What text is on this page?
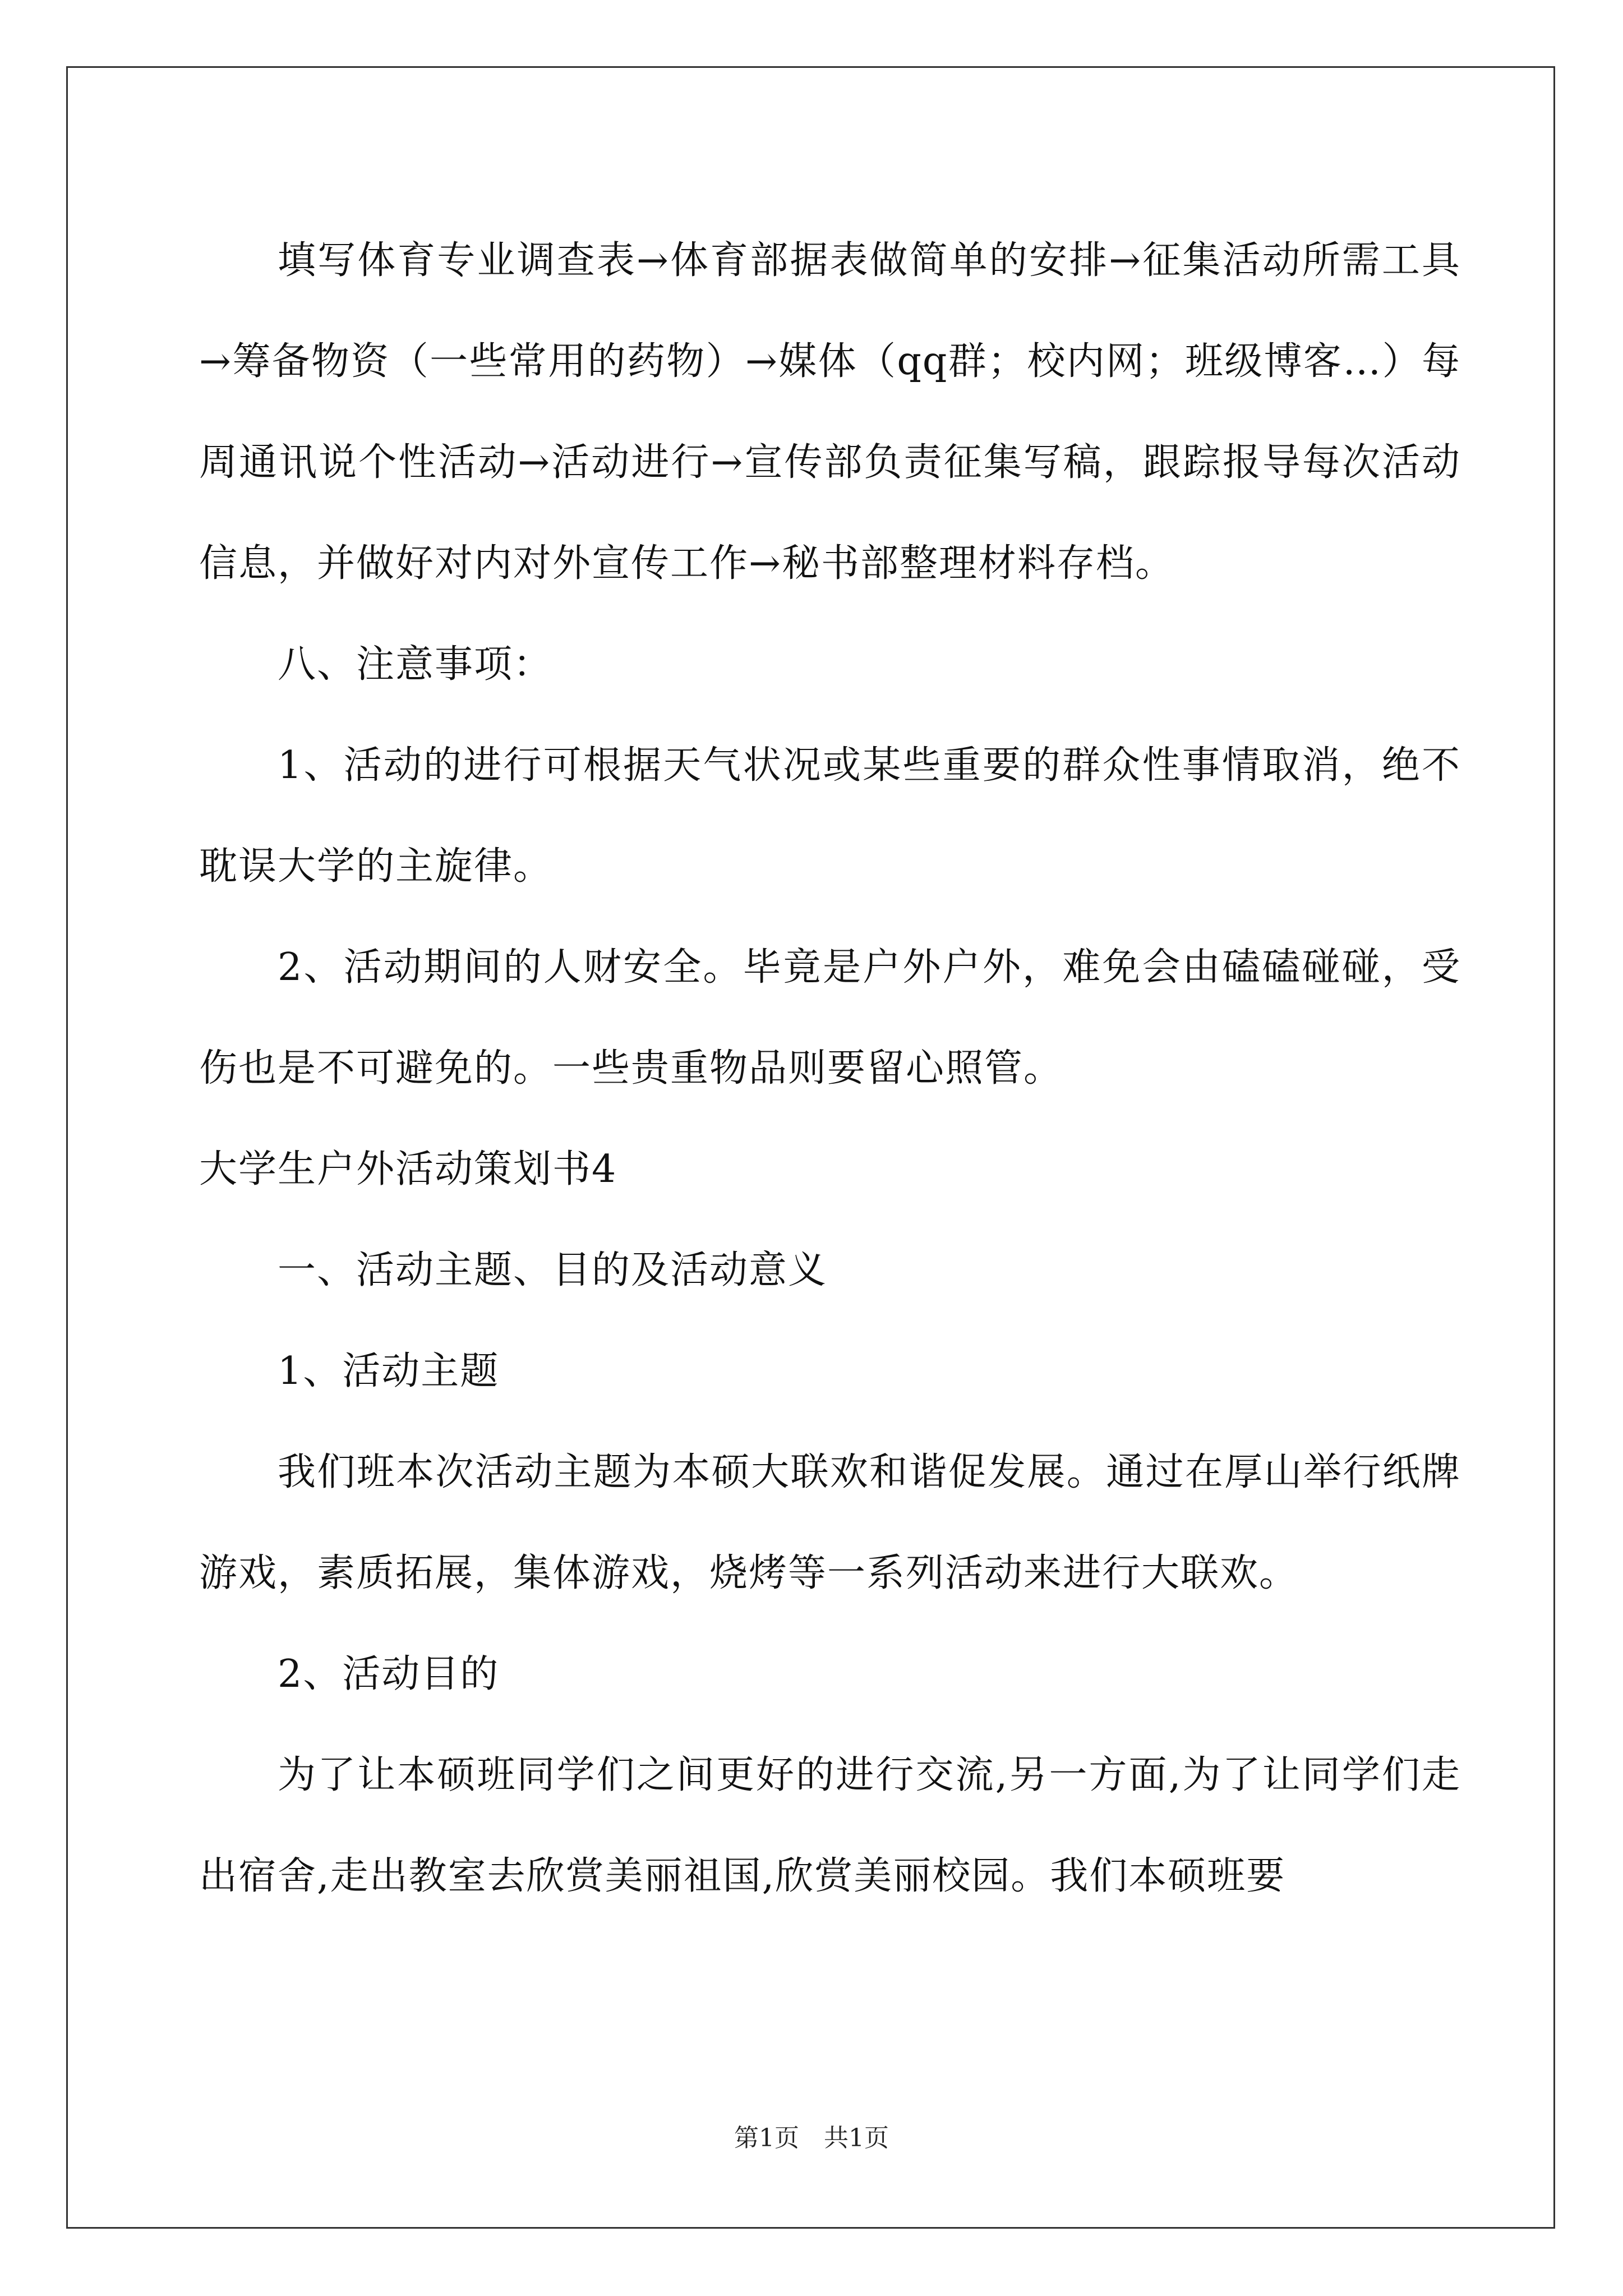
填写体育专业调查表→体育部据表做简单的安排→征集活动所需工具→筹备物资（一些常用的药物）→媒体（qq群；校内网；班级博客…）每周通讯说个性活动→活动进行→宣传部负责征集写稿，跟踪报导每次活动信息，并做好对内对外宣传工作→秘书部整理材料存档。

八、注意事项：

1、活动的进行可根据天气状况或某些重要的群众性事情取消，绝不耽误大学的主旋律。

2、活动期间的人财安全。毕竟是户外户外，难免会由磕磕碰碰，受伤也是不可避免的。一些贵重物品则要留心照管。

大学生户外活动策划书4

一、活动主题、目的及活动意义

1、活动主题

我们班本次活动主题为本硕大联欢和谐促发展。通过在厚山举行纸牌游戏，素质拓展，集体游戏，烧烤等一系列活动来进行大联欢。

2、活动目的

为了让本硕班同学们之间更好的进行交流,另一方面,为了让同学们走出宿舍,走出教室去欣赏美丽祖国,欣赏美丽校园。我们本硕班要

第1页　共1页
